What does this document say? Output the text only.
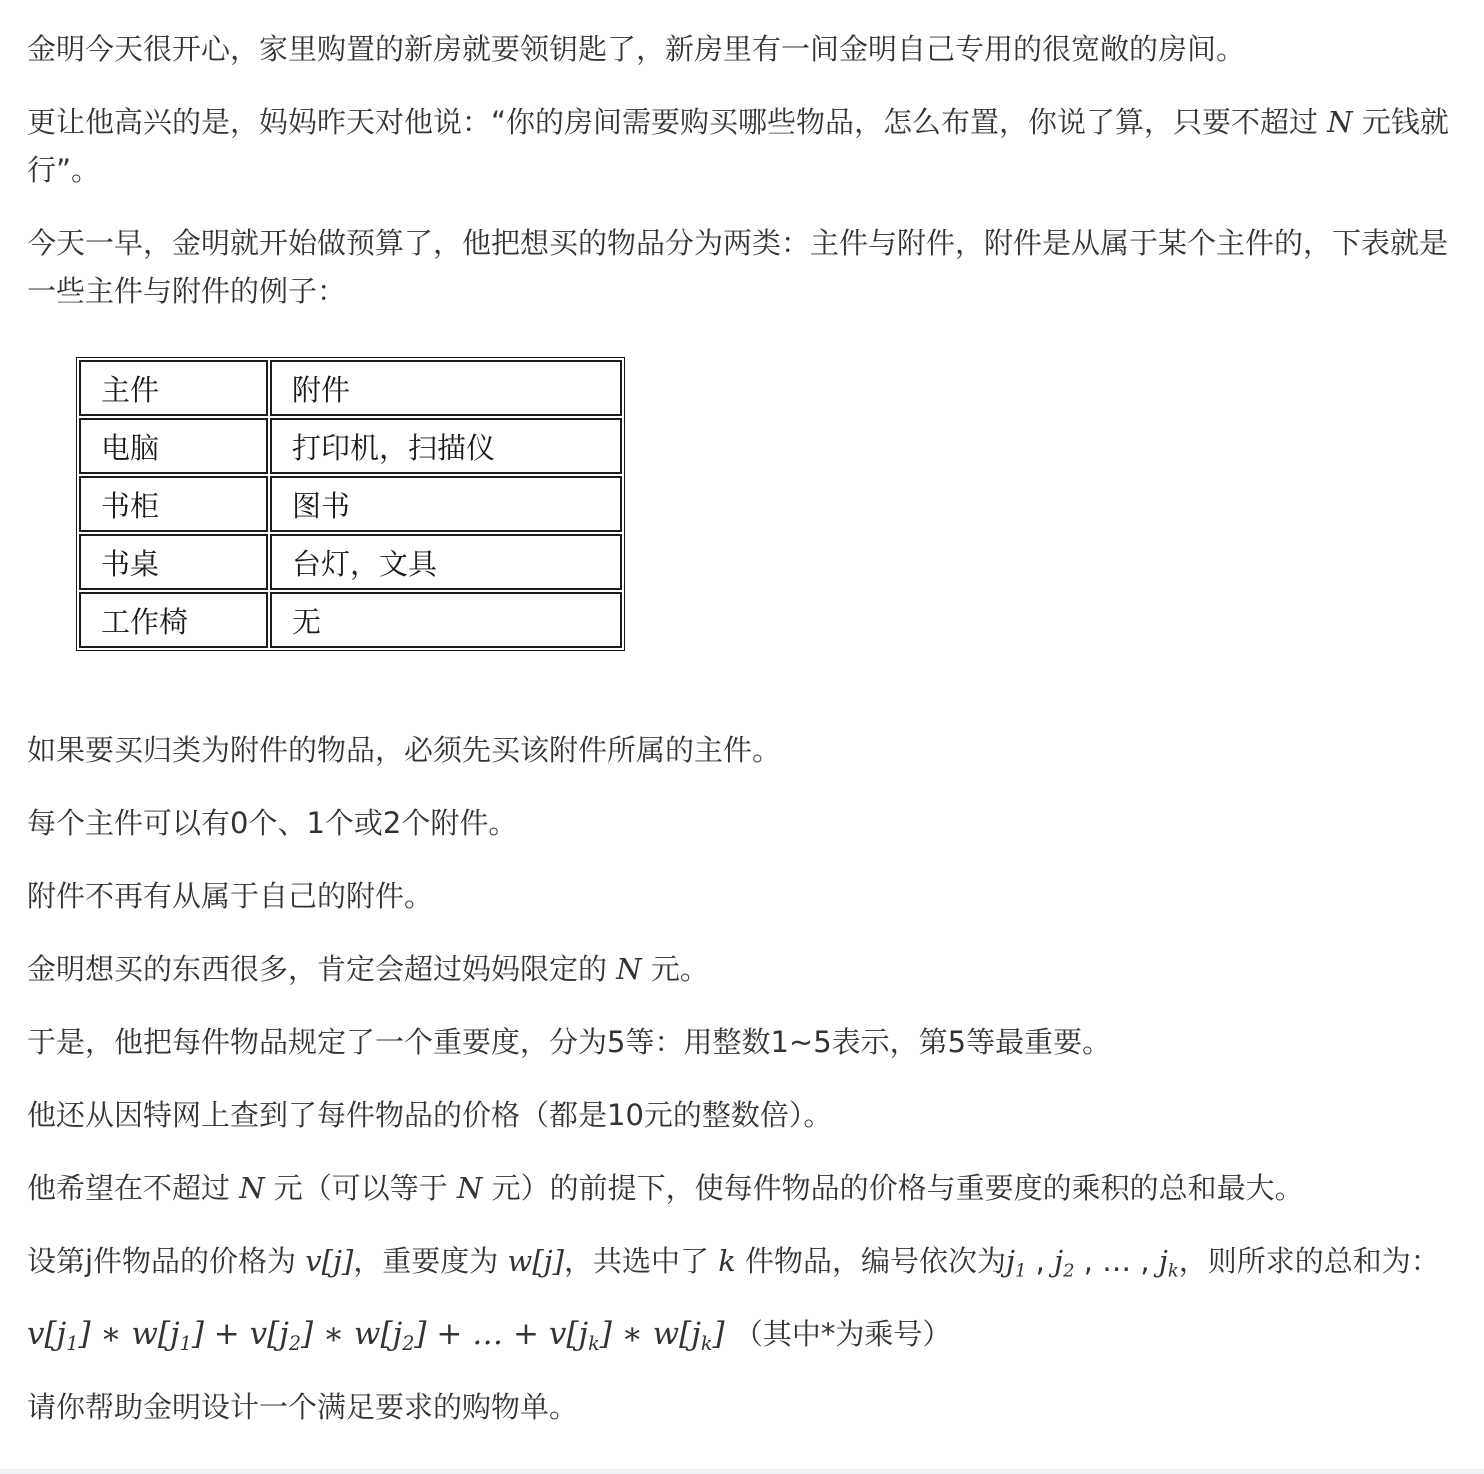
金明今天很开心，家里购置的新房就要领钥匙了，新房里有一间金明自己专用的很宽敞的房间。

更让他高兴的是，妈妈昨天对他说：“你的房间需要购买哪些物品，怎么布置，你说了算，只要不超过 N 元钱就行”。

今天一早，金明就开始做预算了，他把想买的物品分为两类：主件与附件，附件是从属于某个主件的，下表就是一些主件与附件的例子：

主件	附件
电脑	打印机，扫描仪
书柜	图书
书桌	台灯，文具
工作椅	无

如果要买归类为附件的物品，必须先买该附件所属的主件。

每个主件可以有0个、1个或2个附件。

附件不再有从属于自己的附件。

金明想买的东西很多，肯定会超过妈妈限定的 N 元。

于是，他把每件物品规定了一个重要度，分为5等：用整数1~5表示，第5等最重要。

他还从因特网上查到了每件物品的价格（都是10元的整数倍）。

他希望在不超过 N 元（可以等于 N 元）的前提下，使每件物品的价格与重要度的乘积的总和最大。

设第j件物品的价格为 v[j]，重要度为 w[j]，共选中了 k 件物品，编号依次为$j_1$ , $j_2$ , … , $j_k$，则所求的总和为：

$v[j_1]$ ∗ $w[j_1] + v[j_2]$ ∗ $w[j_2]$ + … + $v[j_k]$ ∗ $w[j_k]$ （其中*为乘号）

请你帮助金明设计一个满足要求的购物单。
